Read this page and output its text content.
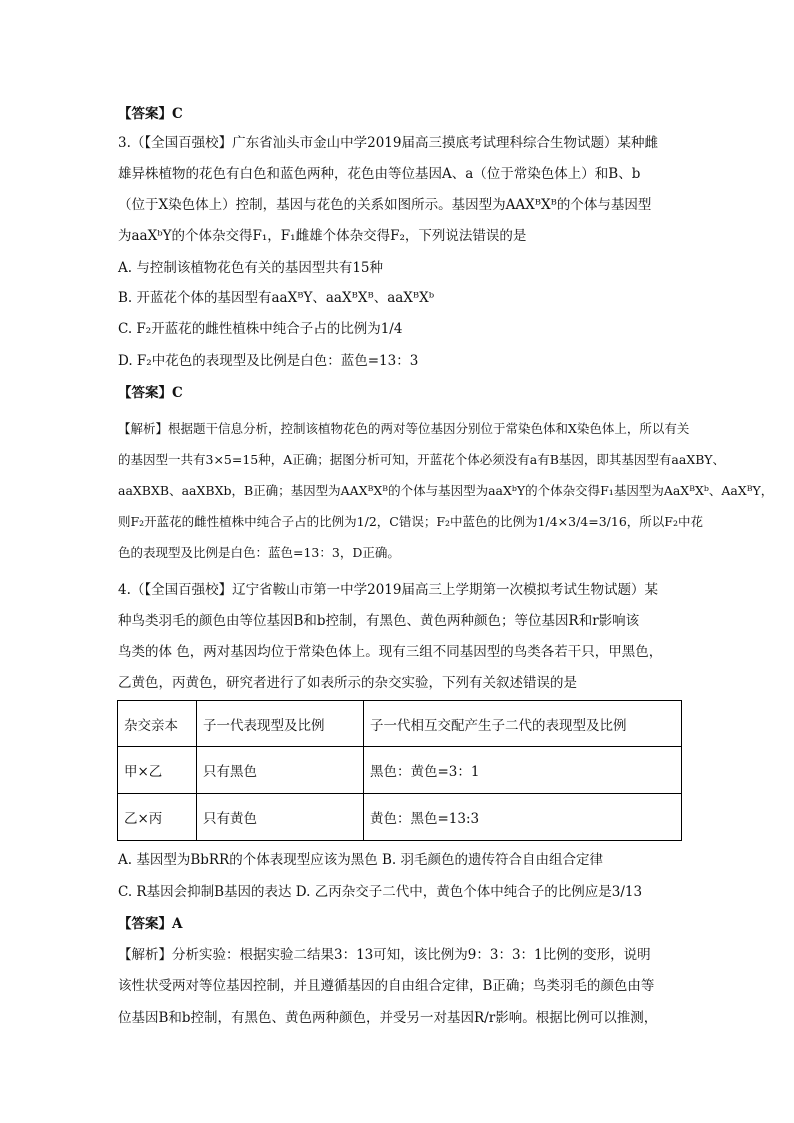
【答案】C
3.（【全国百强校】广东省汕头市金山中学2019届高三摸底考试理科综合生物试题）某种雌
雄异株植物的花色有白色和蓝色两种，花色由等位基因A、a（位于常染色体上）和B、b
（位于X染色体上）控制，基因与花色的关系如图所示。基因型为AAXᴮXᴮ的个体与基因型
为aaXᵇY的个体杂交得F₁，F₁雌雄个体杂交得F₂，下列说法错误的是
A. 与控制该植物花色有关的基因型共有15种
B. 开蓝花个体的基因型有aaXᴮY、aaXᴮXᴮ、aaXᴮXᵇ
C. F₂开蓝花的雌性植株中纯合子占的比例为1/4
D. F₂中花色的表现型及比例是白色：蓝色=13：3
【答案】C
【解析】根据题干信息分析，控制该植物花色的两对等位基因分别位于常染色体和X染色体上，所以有关
的基因型一共有3×5=15种，A正确；据图分析可知，开蓝花个体必须没有a有B基因，即其基因型有aaXBY、
aaXBXB、aaXBXb，B正确；基因型为AAXᴮXᴮ的个体与基因型为aaXᵇY的个体杂交得F₁基因型为AaXᴮXᵇ、AaXᴮY，
则F₂开蓝花的雌性植株中纯合子占的比例为1/2，C错误；F₂中蓝色的比例为1/4×3/4=3/16，所以F₂中花
色的表现型及比例是白色：蓝色=13：3，D正确。
4.（【全国百强校】辽宁省鞍山市第一中学2019届高三上学期第一次模拟考试生物试题）某
种鸟类羽毛的颜色由等位基因B和b控制，有黑色、黄色两种颜色；等位基因R和r影响该
鸟类的体 色，两对基因均位于常染色体上。现有三组不同基因型的鸟类各若干只，甲黑色，
乙黄色，丙黄色，研究者进行了如表所示的杂交实验，下列有关叙述错误的是
杂交亲本	子一代表现型及比例	子一代相互交配产生子二代的表现型及比例
甲×乙	只有黑色	黑色：黄色=3：1
乙×丙	只有黄色	黄色：黑色=13:3
A. 基因型为BbRR的个体表现型应该为黑色 B. 羽毛颜色的遗传符合自由组合定律
C. R基因会抑制B基因的表达 D. 乙丙杂交子二代中，黄色个体中纯合子的比例应是3/13
【答案】A
【解析】分析实验：根据实验二结果3：13可知，该比例为9：3：3：1比例的变形，说明
该性状受两对等位基因控制，并且遵循基因的自由组合定律，B正确；鸟类羽毛的颜色由等
位基因B和b控制，有黑色、黄色两种颜色，并受另一对基因R/r影响。根据比例可以推测，
